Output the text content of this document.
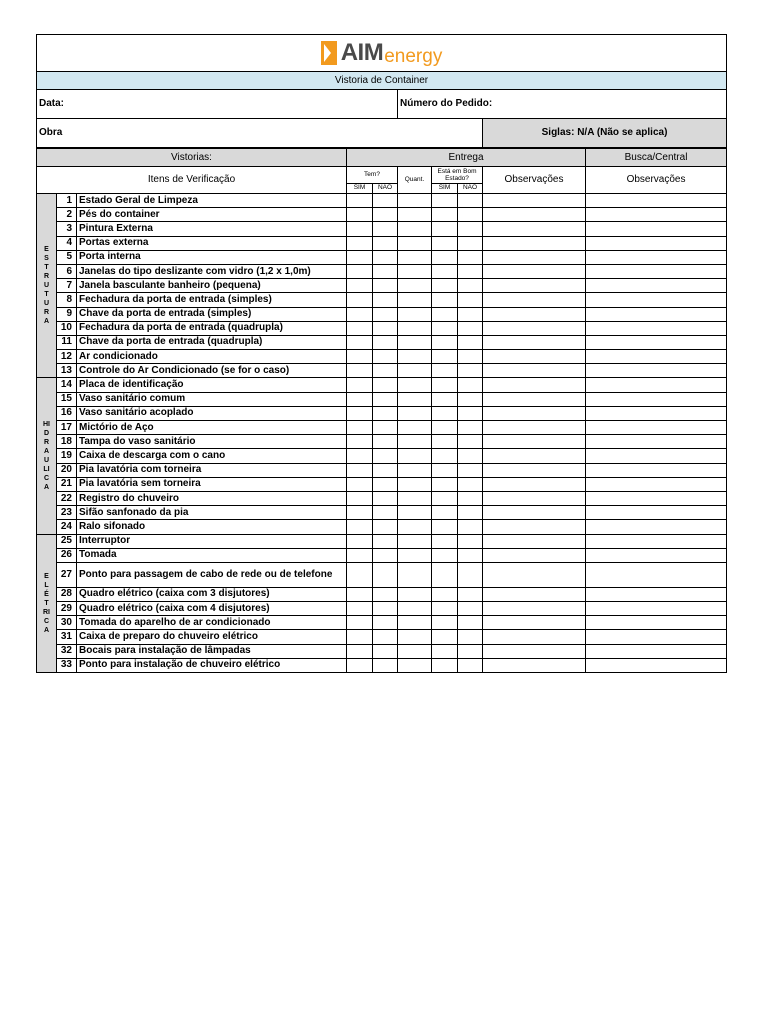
AIM energy									

Vistoria de Container									
Data:					Número do Pedido:				
Obra								Siglas: N/A (Não se aplica)	
Vistorias:			Entrega						Busca/Central
Itens de Verificação			Tem?		Quant.	Está em Bom Estado?		Observações	Observações
			SIM	NÃO		SIM	NÃO		

ESTRUTURA	1	Estado Geral de Limpeza							
	2	Pés do container							
	3	Pintura Externa							
	4	Portas externa							
	5	Porta interna							
	6	Janelas do tipo deslizante com vidro (1,2 x 1,0m)							
	7	Janela basculante banheiro (pequena)							
	8	Fechadura da porta de entrada (simples)							
	9	Chave da porta de entrada (simples)							
	10	Fechadura da porta de entrada (quadrupla)							
	11	Chave da porta de entrada (quadrupla)							
	12	Ar condicionado							
	13	Controle do Ar Condicionado (se for o caso)							

HIDRAULICA	14	Placa de identificação							
	15	Vaso sanitário comum							
	16	Vaso sanitário acoplado							
	17	Mictório de Aço							
	18	Tampa do vaso sanitário							
	19	Caixa de descarga com o cano							
	20	Pia lavatória com torneira							
	21	Pia lavatória sem torneira							
	22	Registro do chuveiro							
	23	Sifão sanfonado da pia							
	24	Ralo sifonado							

ELÉTRICA	25	Interruptor							
	26	Tomada							
	27	Ponto para passagem de cabo de rede ou de telefone							
	28	Quadro elétrico (caixa com 3 disjutores)							
	29	Quadro elétrico (caixa com 4 disjutores)							
	30	Tomada do aparelho de ar condicionado							
	31	Caixa de preparo do chuveiro elétrico							
	32	Bocais para instalação de lâmpadas							
	33	Ponto para instalação de chuveiro elétrico							
